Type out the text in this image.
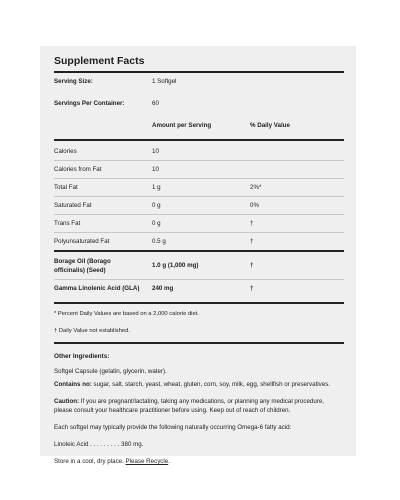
Supplement Facts
Serving Size:	1 Softgel
Servings Per Container:	60
Amount per Serving	% Daily Value
Calories	10
Calories from Fat	10
Total Fat	1 g	2%*
Saturated Fat	0 g	0%
Trans Fat	0 g	†
Polyunsaturated Fat	0.5 g	†
Borage Oil (Borago
officinalis) (Seed)
1.0 g (1,000 mg)	†
Gamma Linolenic Acid (GLA) 240 mg	†
* Percent Daily Values are based on a 2,000 calorie diet.
† Daily Value not established.

Other Ingredients:

Softgel Capsule (gelatin, glycerin, water).

Contains no: sugar, salt, starch, yeast, wheat, gluten, corn, soy, milk, egg, shellfish or preservatives.

Caution: If you are pregnant/lactating, taking any medications, or planning any medical procedure, please consult your healthcare practitioner before using. Keep out of reach of children.

Each softgel may typically provide the following naturally occurring Omega-6 fatty acid:

Linoleic Acid . . . . . . . . . 380 mg.

Store in a cool, dry place. Please Recycle.
